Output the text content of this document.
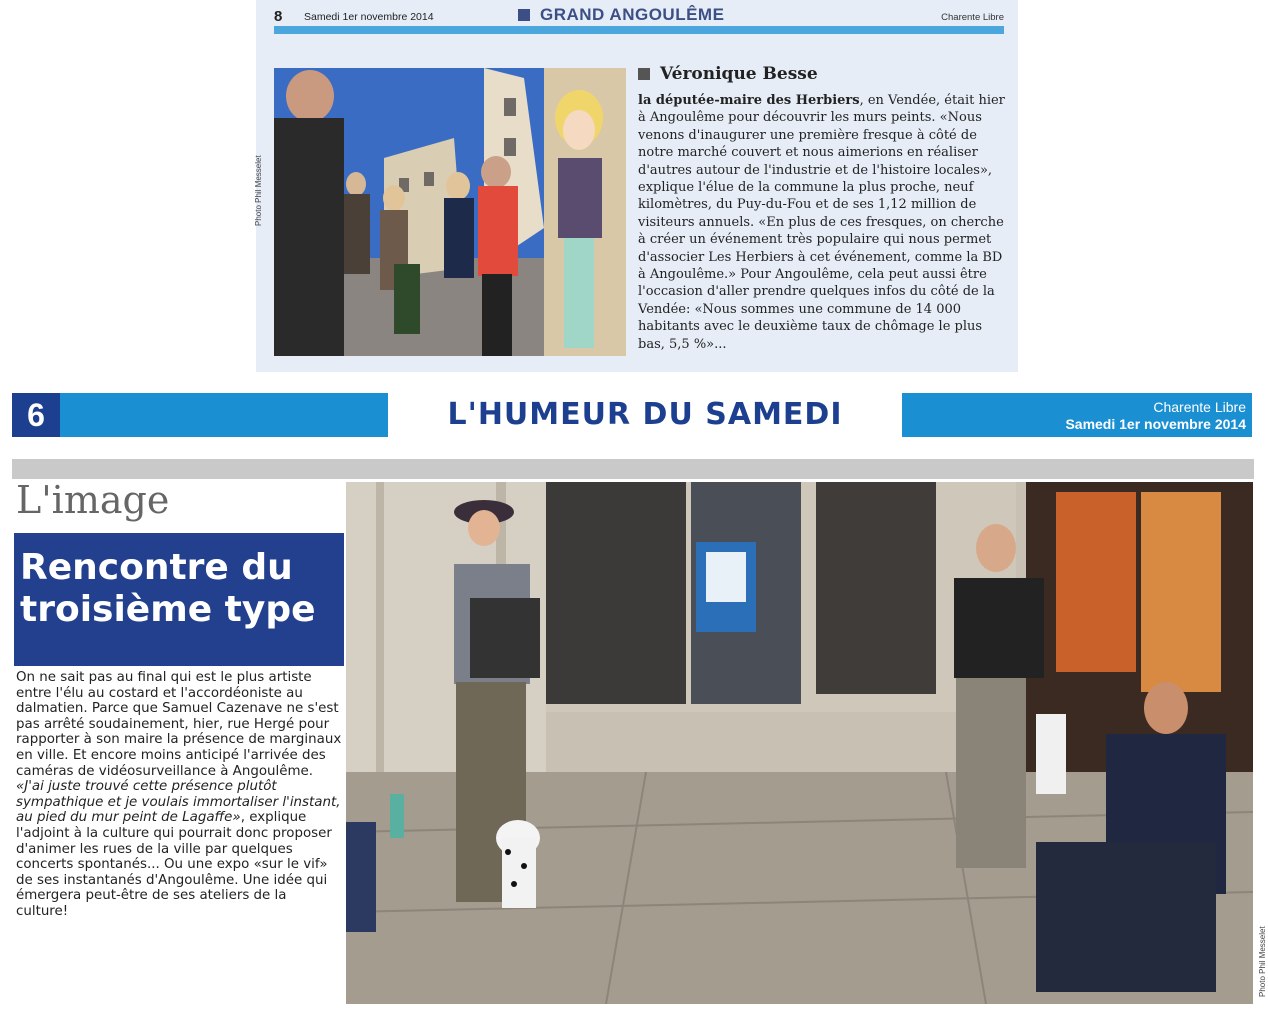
8 Samedi 1er novembre 2014	GRAND ANGOULÊME	Charente Libre
Photo Phil Messelet
Véronique Besse

la députée-maire des Herbiers, en Vendée, était hier à Angoulême pour découvrir les murs peints. «Nous venons d'inaugurer une première fresque à côté de notre marché couvert et nous aimerions en réaliser d'autres autour de l'industrie et de l'histoire locales», explique l'élue de la commune la plus proche, neuf kilomètres, du Puy-du-Fou et de ses 1,12 million de visiteurs annuels. «En plus de ces fresques, on cherche à créer un événement très populaire qui nous permet d'associer Les Herbiers à cet événement, comme la BD à Angoulême.» Pour Angoulême, cela peut aussi être l'occasion d'aller prendre quelques infos du côté de la Vendée: «Nous sommes une commune de 14 000 habitants avec le deuxième taux de chômage le plus bas, 5,5 %»...

6	L'HUMEUR DU SAMEDI	Charente Libre
Samedi 1er novembre 2014
L'image
Rencontre du troisième type

On ne sait pas au final qui est le plus artiste entre l'élu au costard et l'accordéoniste au dalmatien. Parce que Samuel Cazenave ne s'est pas arrêté soudainement, hier, rue Hergé pour rapporter à son maire la présence de marginaux en ville. Et encore moins anticipé l'arrivée des caméras de vidéosurveillance à Angoulême. «J'ai juste trouvé cette présence plutôt sympathique et je voulais immortaliser l'instant, au pied du mur peint de Lagaffe», explique l'adjoint à la culture qui pourrait donc proposer d'animer les rues de la ville par quelques concerts spontanés... Ou une expo «sur le vif» de ses instantanés d'Angoulême. Une idée qui émergera peut-être de ses ateliers de la culture!

Photo Phil Messelet
